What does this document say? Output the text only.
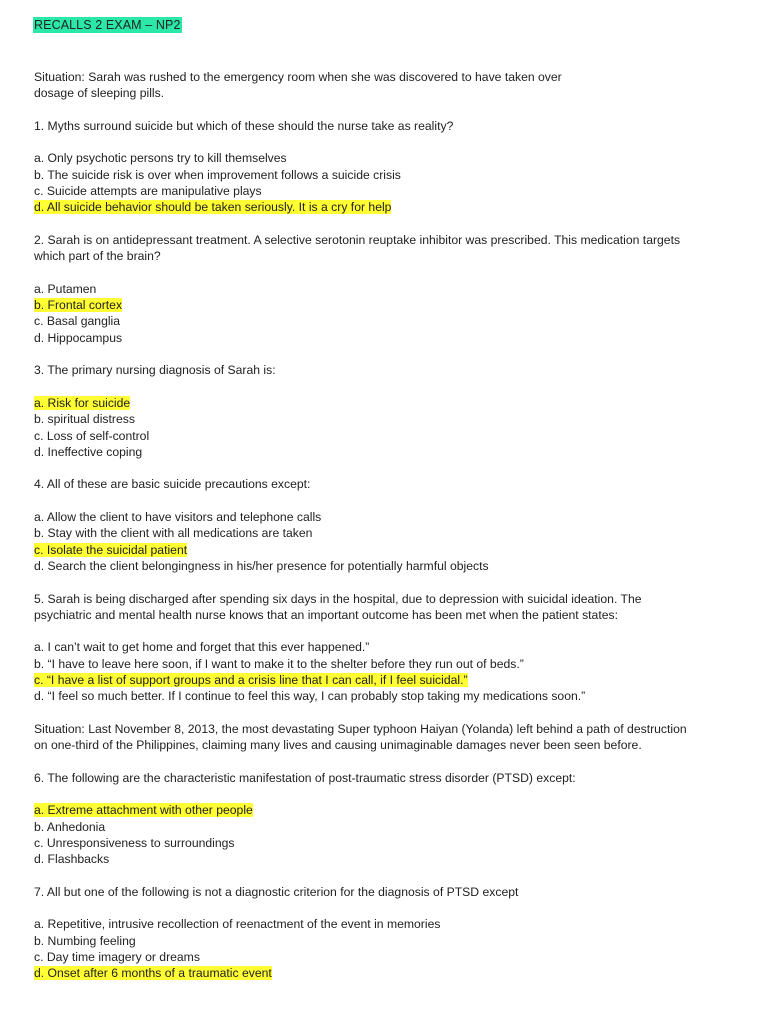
RECALLS 2 EXAM – NP2
Situation: Sarah was rushed to the emergency room when she was discovered to have taken over
dosage of sleeping pills.
1. Myths surround suicide but which of these should the nurse take as reality?
a. Only psychotic persons try to kill themselves
b. The suicide risk is over when improvement follows a suicide crisis
c. Suicide attempts are manipulative plays
d. All suicide behavior should be taken seriously. It is a cry for help
2. Sarah is on antidepressant treatment. A selective serotonin reuptake inhibitor was prescribed. This medication targets
which part of the brain?
a. Putamen
b. Frontal cortex
c. Basal ganglia
d. Hippocampus
3. The primary nursing diagnosis of Sarah is:
a. Risk for suicide
b. spiritual distress
c. Loss of self-control
d. Ineffective coping
4. All of these are basic suicide precautions except:
a. Allow the client to have visitors and telephone calls
b. Stay with the client with all medications are taken
c. Isolate the suicidal patient
d. Search the client belongingness in his/her presence for potentially harmful objects
5. Sarah is being discharged after spending six days in the hospital, due to depression with suicidal ideation. The
psychiatric and mental health nurse knows that an important outcome has been met when the patient states:
a. I can’t wait to get home and forget that this ever happened.”
b. “I have to leave here soon, if I want to make it to the shelter before they run out of beds.”
c. “I have a list of support groups and a crisis line that I can call, if I feel suicidal.”
d. “I feel so much better. If I continue to feel this way, I can probably stop taking my medications soon.”
Situation: Last November 8, 2013, the most devastating Super typhoon Haiyan (Yolanda) left behind a path of destruction
on one-third of the Philippines, claiming many lives and causing unimaginable damages never been seen before.
6. The following are the characteristic manifestation of post-traumatic stress disorder (PTSD) except:
a. Extreme attachment with other people
b. Anhedonia
c. Unresponsiveness to surroundings
d. Flashbacks
7. All but one of the following is not a diagnostic criterion for the diagnosis of PTSD except
a. Repetitive, intrusive recollection of reenactment of the event in memories
b. Numbing feeling
c. Day time imagery or dreams
d. Onset after 6 months of a traumatic event
